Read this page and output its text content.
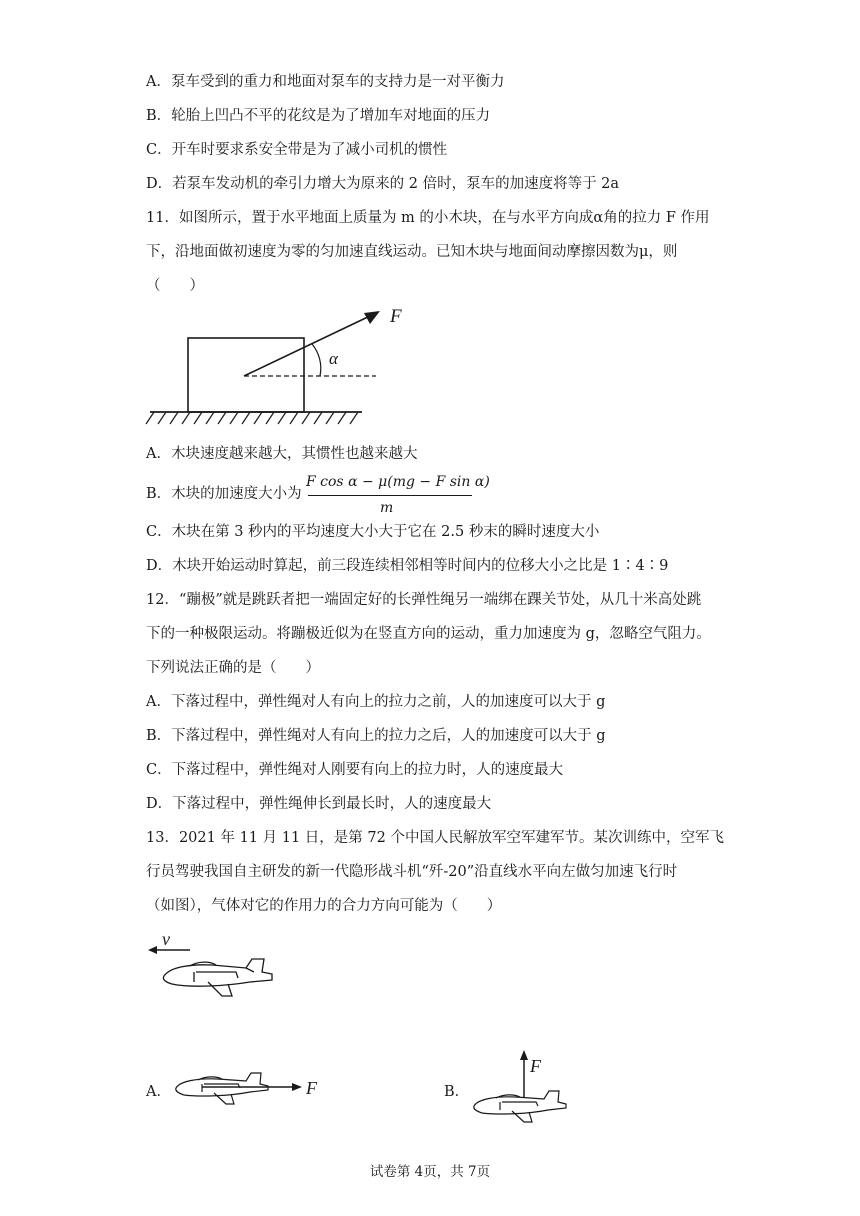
A．泵车受到的重力和地面对泵车的支持力是一对平衡力
B．轮胎上凹凸不平的花纹是为了增加车对地面的压力
C．开车时要求系安全带是为了减小司机的惯性
D．若泵车发动机的牵引力增大为原来的 2 倍时，泵车的加速度将等于 2a
11．如图所示，置于水平地面上质量为 m 的小木块，在与水平方向成α角的拉力 F 作用
下，沿地面做初速度为零的匀加速直线运动。已知木块与地面间动摩擦因数为μ，则
（　　）
F
α
A．木块速度越来越大，其惯性也越来越大
B．木块的加速度大小为
F cos α − μ(mg − F sin α)
m
C．木块在第 3 秒内的平均速度大小大于它在 2.5 秒末的瞬时速度大小
D．木块开始运动时算起，前三段连续相邻相等时间内的位移大小之比是 1∶4∶9
12．“蹦极”就是跳跃者把一端固定好的长弹性绳另一端绑在踝关节处，从几十米高处跳
下的一种极限运动。将蹦极近似为在竖直方向的运动，重力加速度为 g，忽略空气阻力。
下列说法正确的是（　　）
A．下落过程中，弹性绳对人有向上的拉力之前，人的加速度可以大于 g
B．下落过程中，弹性绳对人有向上的拉力之后，人的加速度可以大于 g
C．下落过程中，弹性绳对人刚要有向上的拉力时，人的速度最大
D．下落过程中，弹性绳伸长到最长时，人的速度最大
13．2021 年 11 月 11 日，是第 72 个中国人民解放军空军建军节。某次训练中，空军飞
行员驾驶我国自主研发的新一代隐形战斗机“歼-20”沿直线水平向左做匀加速飞行时
（如图），气体对它的作用力的合力方向可能为（　　）
v
A．	F	B．
F
试卷第 4页，共 7页
